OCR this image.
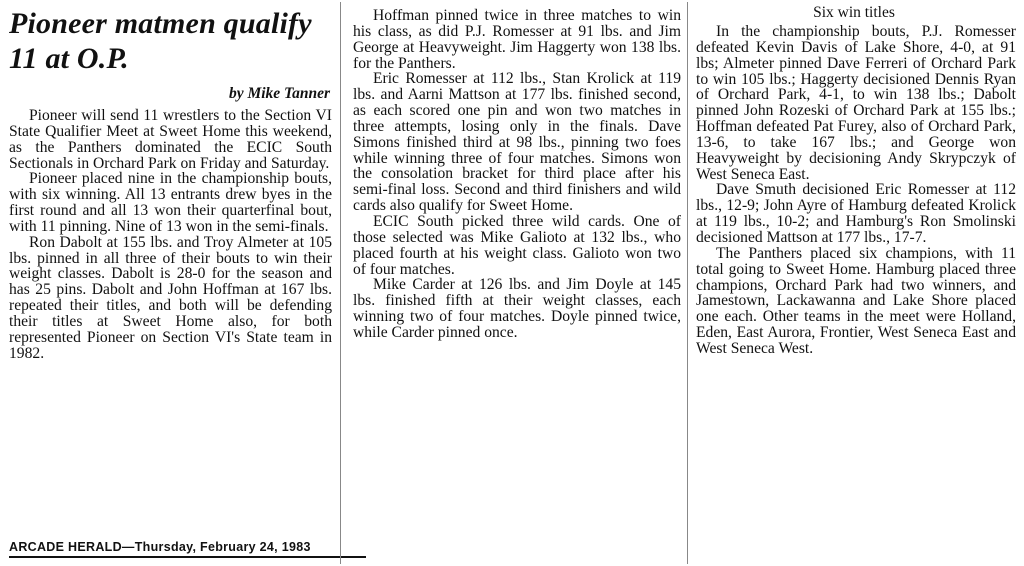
Pioneer matmen qualify 11 at O.P.
by Mike Tanner

Pioneer will send 11 wrestlers to the Section VI State Qualifier Meet at Sweet Home this weekend, as the Panthers dominated the ECIC South Sectionals in Orchard Park on Friday and Saturday.

Pioneer placed nine in the championship bouts, with six winning. All 13 entrants drew byes in the first round and all 13 won their quarterfinal bout, with 11 pinning. Nine of 13 won in the semi-finals.

Ron Dabolt at 155 lbs. and Troy Almeter at 105 lbs. pinned in all three of their bouts to win their weight classes. Dabolt is 28-0 for the season and has 25 pins. Dabolt and John Hoffman at 167 lbs. repeated their titles, and both will be defending their titles at Sweet Home also, for both represented Pioneer on Section VI's State team in 1982.

ARCADE HERALD—Thursday, February 24, 1983

Hoffman pinned twice in three matches to win his class, as did P.J. Romesser at 91 lbs. and Jim George at Heavyweight. Jim Haggerty won 138 lbs. for the Panthers.

Eric Romesser at 112 lbs., Stan Krolick at 119 lbs. and Aarni Mattson at 177 lbs. finished second, as each scored one pin and won two matches in three attempts, losing only in the finals. Dave Simons finished third at 98 lbs., pinning two foes while winning three of four matches. Simons won the consolation bracket for third place after his semi-final loss. Second and third finishers and wild cards also qualify for Sweet Home.

ECIC South picked three wild cards. One of those selected was Mike Galioto at 132 lbs., who placed fourth at his weight class. Galioto won two of four matches.

Mike Carder at 126 lbs. and Jim Doyle at 145 lbs. finished fifth at their weight classes, each winning two of four matches. Doyle pinned twice, while Carder pinned once.

Six win titles

In the championship bouts, P.J. Romesser defeated Kevin Davis of Lake Shore, 4-0, at 91 lbs; Almeter pinned Dave Ferreri of Orchard Park to win 105 lbs.; Haggerty decisioned Dennis Ryan of Orchard Park, 4-1, to win 138 lbs.; Dabolt pinned John Rozeski of Orchard Park at 155 lbs.; Hoffman defeated Pat Furey, also of Orchard Park, 13-6, to take 167 lbs.; and George won Heavyweight by decisioning Andy Skrypczyk of West Seneca East.

Dave Smuth decisioned Eric Romesser at 112 lbs., 12-9; John Ayre of Hamburg defeated Krolick at 119 lbs., 10-2; and Hamburg's Ron Smolinski decisioned Mattson at 177 lbs., 17-7.

The Panthers placed six champions, with 11 total going to Sweet Home. Hamburg placed three champions, Orchard Park had two winners, and Jamestown, Lackawanna and Lake Shore placed one each. Other teams in the meet were Holland, Eden, East Aurora, Frontier, West Seneca East and West Seneca West.
